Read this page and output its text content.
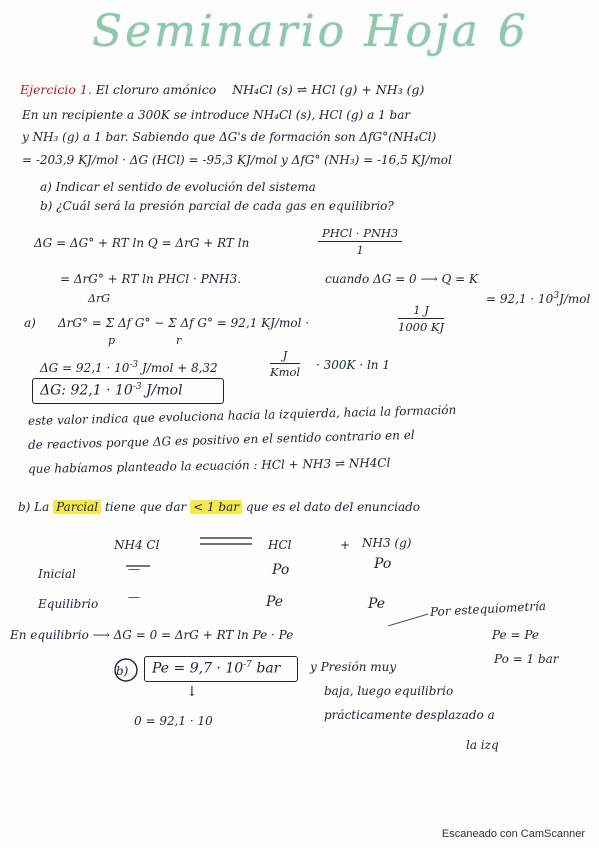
Seminario Hoja 6
Ejercicio 1. El cloruro amónico NH₄Cl (s) ⇌ HCl (g) + NH₃ (g)
En un recipiente a 300K se introduce NH₄Cl (s), HCl (g) a 1 bar
y NH₃ (g) a 1 bar. Sabiendo que ΔG's de formación son ΔfG°(NH₄Cl)
= -203,9 KJ/mol · ΔG (HCl) = -95,3 KJ/mol y ΔfG° (NH₃) = -16,5 KJ/mol
a) Indicar el sentido de evolución del sistema
b) ¿Cuál será la presión parcial de cada gas en equilibrio?
ΔG = ΔG° + RT ln Q = ΔrG + RT ln
PHCl · PNH3
1
= ΔrG° + RT ln PHCl · PNH3.
ΔrG
cuando ΔG = 0 ⟶ Q = K
a) ΔrG° = Σ Δf G° − Σ Δf G° = 92,1 KJ/mol ·
p	r
$\frac{1 J}{1000 KJ}$
= $92,1 \cdot 10^3J$/mol
$\Delta G = 92,1 \cdot 10^{-3}$ J/mol + 8,32
J
Kmol · 300K · ln 1
ΔG: $92,1 \cdot 10^{-3}$ J/mol
este valor indica que evoluciona hacia la izquierda, hacia la formación
de reactivos porque ΔG es positivo en el sentido contrario en el
que habíamos planteado la ecuación : HCl + NH3 ⇌ NH4Cl
b) La Parcial tiene que dar < 1 bar que es el dato del enunciado
NH4 Cl	HCl	+ NH3 (g)
Inicial	—	Po	Po
Equilibrio —	Pe	Pe
En equilibrio ⟶ ΔG = 0 = ΔrG + RT ln Pe · Pe
Por estequiometría
Pe = Pe
Po = 1 bar
b) $Pe = 9,7 \cdot 10^{-7}$ bar y Presión muy
baja, luego equilibrio
prácticamente desplazado a
la izq
↓
0 = 92,1 · 10
Escaneado con CamScanner
